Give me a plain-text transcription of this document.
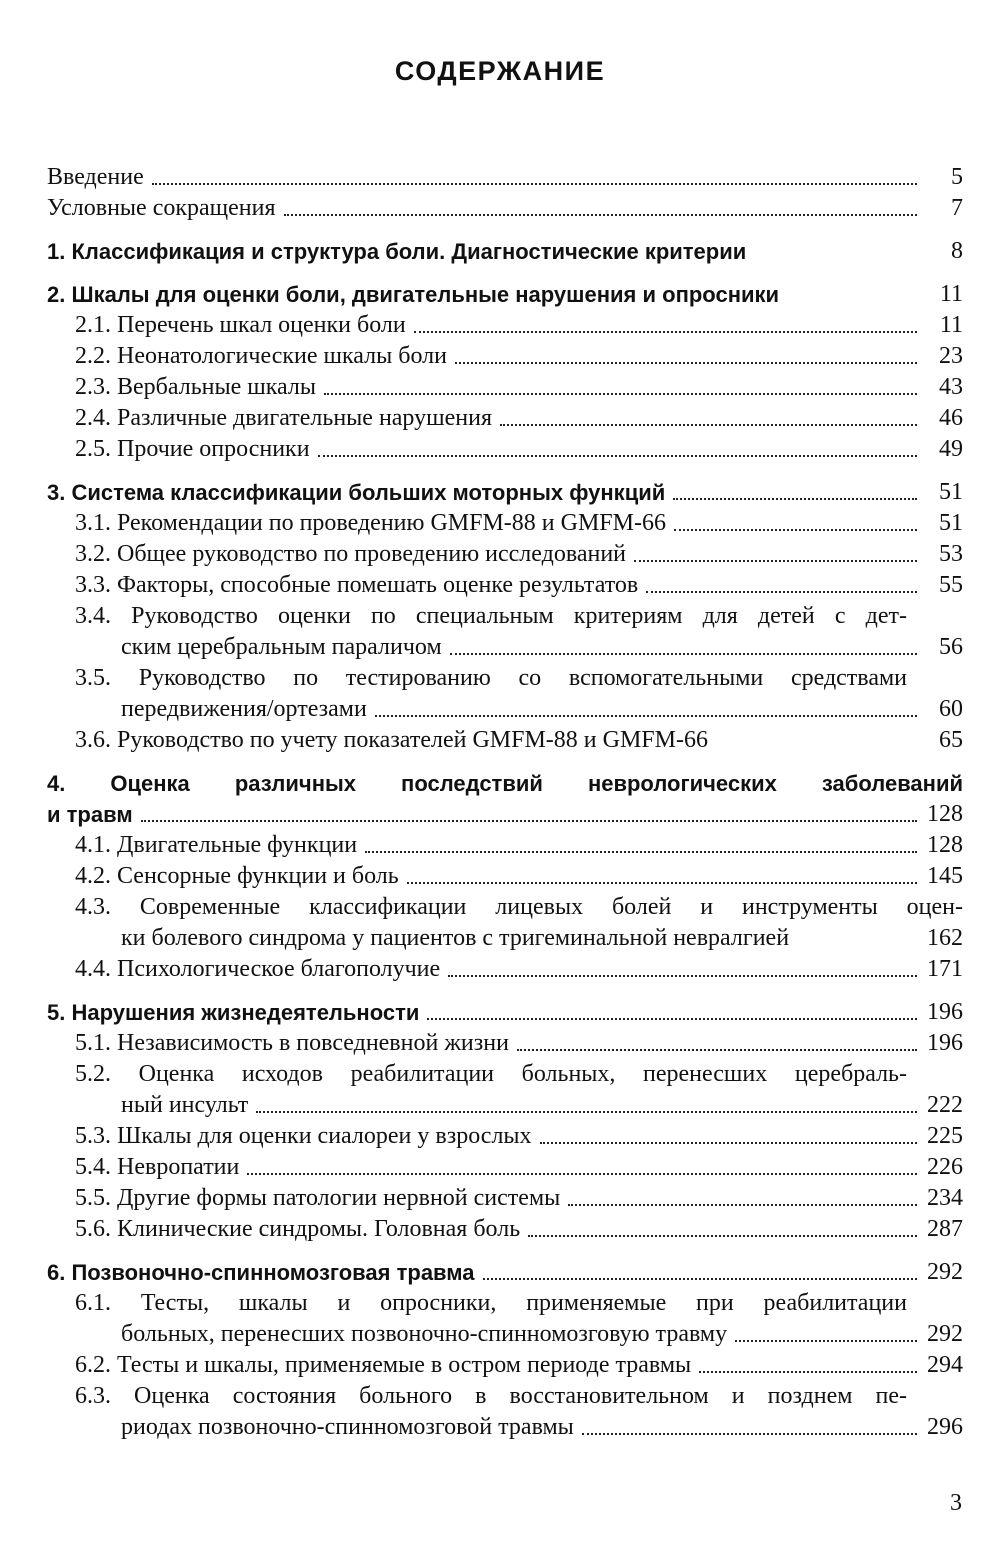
СОДЕРЖАНИЕ
Введение	5
Условные сокращения	7
1. Классификация и структура боли. Диагностические критерии	8
2. Шкалы для оценки боли, двигательные нарушения и опросники	11
2.1. Перечень шкал оценки боли	11
2.2. Неонатологические шкалы боли	23
2.3. Вербальные шкалы	43
2.4. Различные двигательные нарушения	46
2.5. Прочие опросники	49
3. Система классификации больших моторных функций	51
3.1. Рекомендации по проведению GMFM-88 и GMFM-66	51
3.2. Общее руководство по проведению исследований	53
3.3. Факторы, способные помешать оценке результатов	55
3.4. Руководство оценки по специальным критериям для детей с дет-
ским церебральным параличом	56
3.5. Руководство по тестированию со вспомогательными средствами
передвижения/ортезами	60
3.6. Руководство по учету показателей GMFM-88 и GMFM-66	65
4. Оценка различных последствий неврологических заболеваний
и травм	128
4.1. Двигательные функции	128
4.2. Сенсорные функции и боль	145
4.3. Современные классификации лицевых болей и инструменты оцен-
ки болевого синдрома у пациентов с тригеминальной невралгией	162
4.4. Психологическое благополучие	171
5. Нарушения жизнедеятельности	196
5.1. Независимость в повседневной жизни	196
5.2. Оценка исходов реабилитации больных, перенесших церебраль-
ный инсульт	222
5.3. Шкалы для оценки сиалореи у взрослых	225
5.4. Невропатии	226
5.5. Другие формы патологии нервной системы	234
5.6. Клинические синдромы. Головная боль	287
6. Позвоночно-спинномозговая травма	292
6.1. Тесты, шкалы и опросники, применяемые при реабилитации
больных, перенесших позвоночно-спинномозговую травму	292
6.2. Тесты и шкалы, применяемые в остром периоде травмы	294
6.3. Оценка состояния больного в восстановительном и позднем пе-
риодах позвоночно-спинномозговой травмы	296
3
